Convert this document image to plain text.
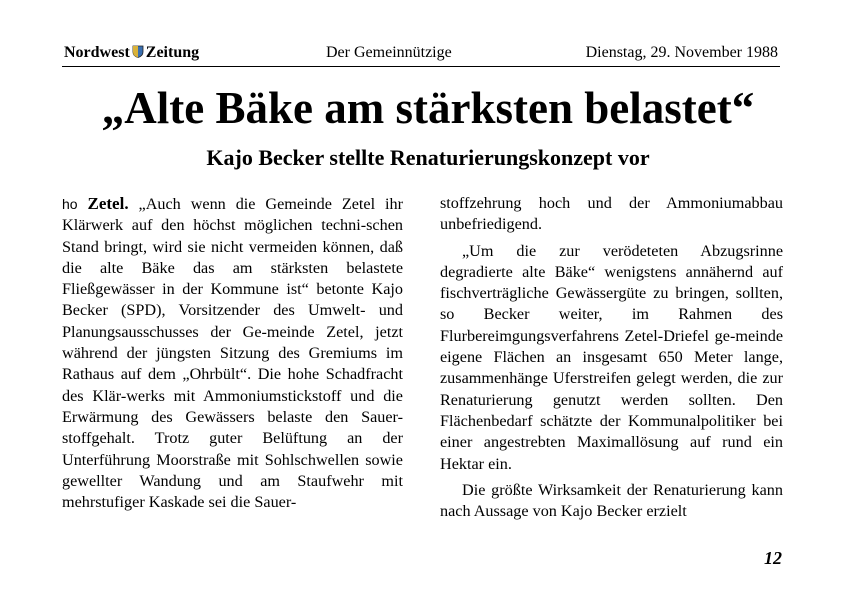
Nordwest Zeitung	Der Gemeinnützige	Dienstag, 29. November 1988
„Alte Bäke am stärksten belastet“
Kajo Becker stellte Renaturierungskonzept vor

ho Zetel. „Auch wenn die Gemeinde Zetel ihr Klärwerk auf den höchst möglichen techni-schen Stand bringt, wird sie nicht vermeiden können, daß die alte Bäke das am stärksten belastete Fließgewässer in der Kommune ist“ betonte Kajo Becker (SPD), Vorsitzender des Umwelt- und Planungsausschusses der Ge-meinde Zetel, jetzt während der jüngsten Sitzung des Gremiums im Rathaus auf dem „Ohrbült“. Die hohe Schadfracht des Klär-werks mit Ammoniumstickstoff und die Erwärmung des Gewässers belaste den Sauer-stoffgehalt. Trotz guter Belüftung an der Unterführung Moorstraße mit Sohlschwellen sowie gewellter Wandung und am Staufwehr mit mehrstufiger Kaskade sei die Sauer-

stoffzehrung hoch und der Ammoniumabbau unbefriedigend.

„Um die zur verödeteten Abzugsrinne degradierte alte Bäke“ wenigstens annähernd auf fischverträgliche Gewässergüte zu bringen, sollten, so Becker weiter, im Rahmen des Flurbereimgungsverfahrens Zetel-Driefel ge-meinde eigene Flächen an insgesamt 650 Meter lange, zusammenhänge Uferstreifen gelegt werden, die zur Renaturierung genutzt werden sollten. Den Flächenbedarf schätzte der Kommunalpolitiker bei einer angestrebten Maximallösung auf rund ein Hektar ein.

Die größte Wirksamkeit der Renaturierung kann nach Aussage von Kajo Becker erzielt

12
